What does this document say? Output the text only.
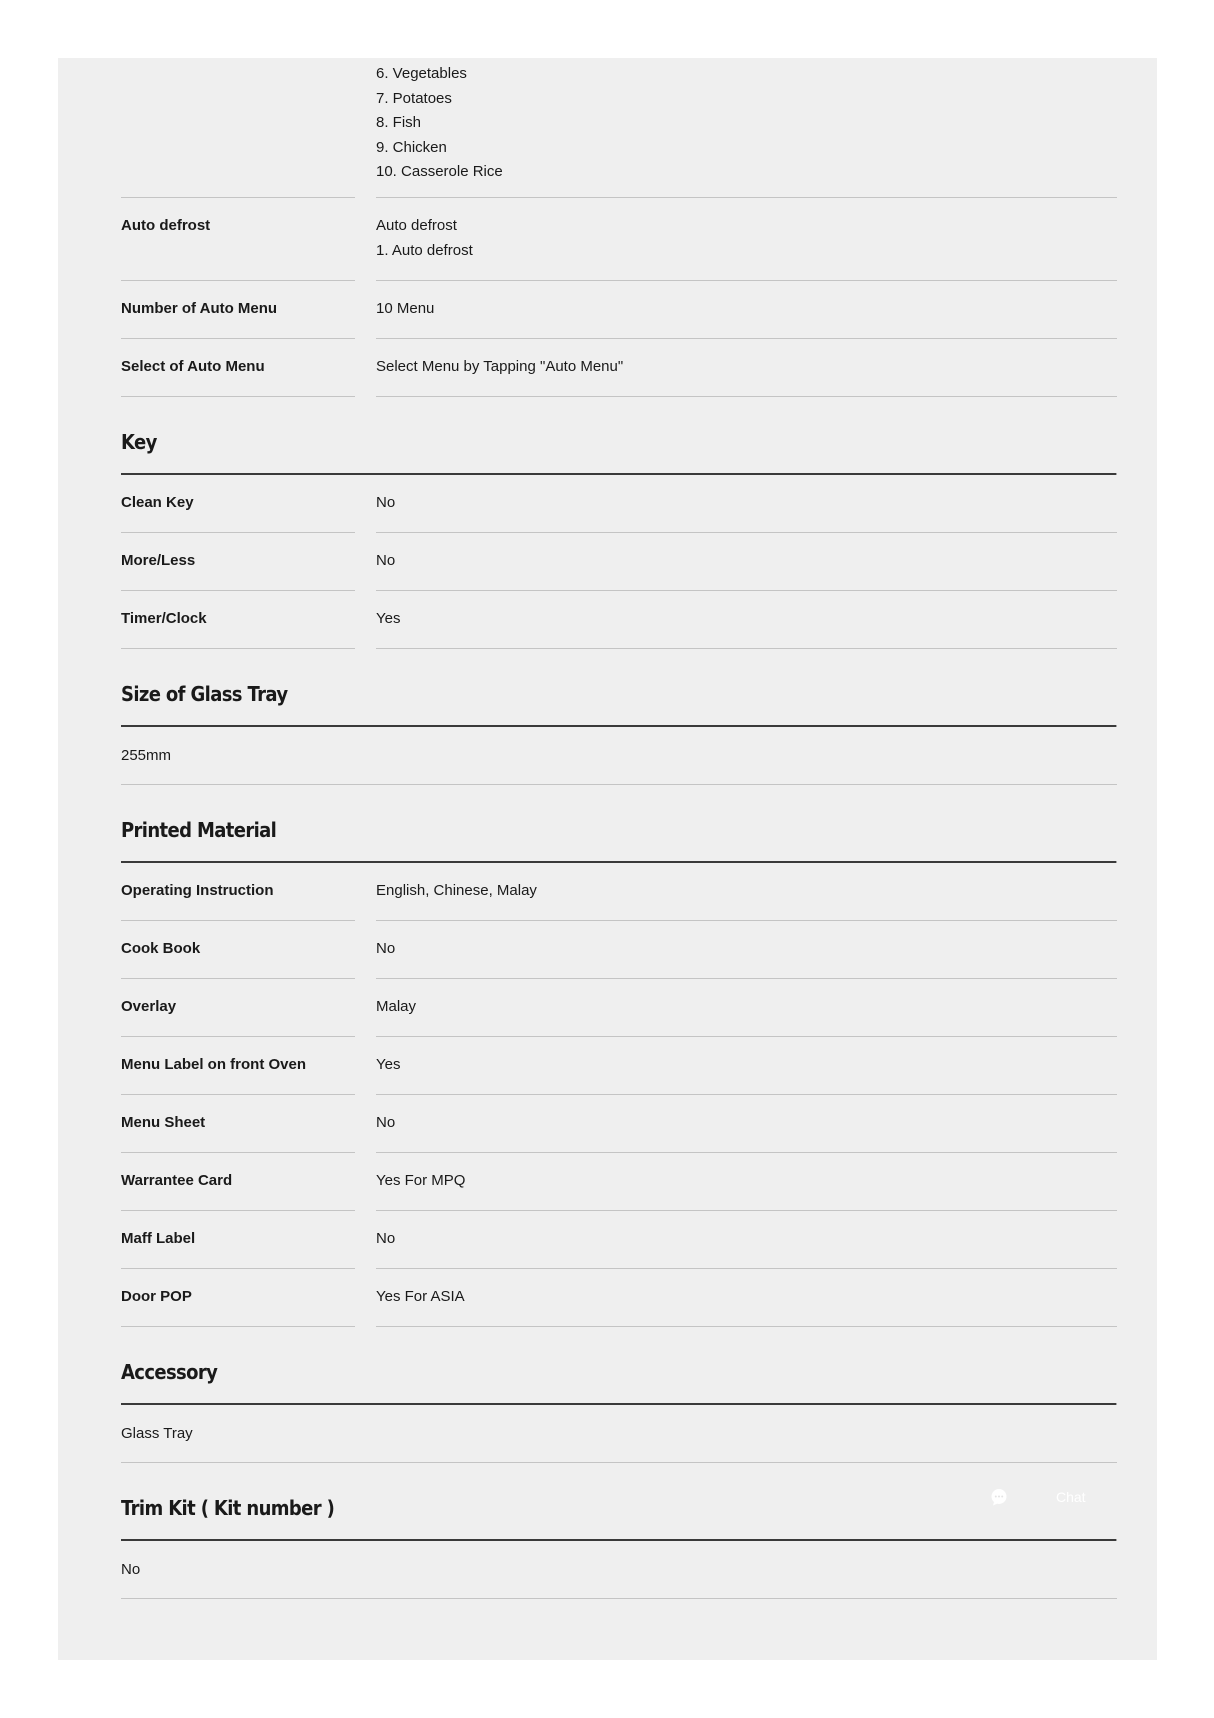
6. Vegetables
7. Potatoes
8. Fish
9. Chicken
10. Casserole Rice
Auto defrost	Auto defrost
1. Auto defrost
Number of Auto Menu	10 Menu
Select of Auto Menu	Select Menu by Tapping "Auto Menu"
Key
Clean Key	No
More/Less	No
Timer/Clock	Yes
Size of Glass Tray
255mm
Printed Material
Operating Instruction	English, Chinese, Malay
Cook Book	No
Overlay	Malay
Menu Label on front Oven	Yes
Menu Sheet	No
Warrantee Card	Yes For MPQ
Maff Label	No
Door POP	Yes For ASIA
Accessory
Glass Tray
Trim Kit ( Kit number )
No
Chat
